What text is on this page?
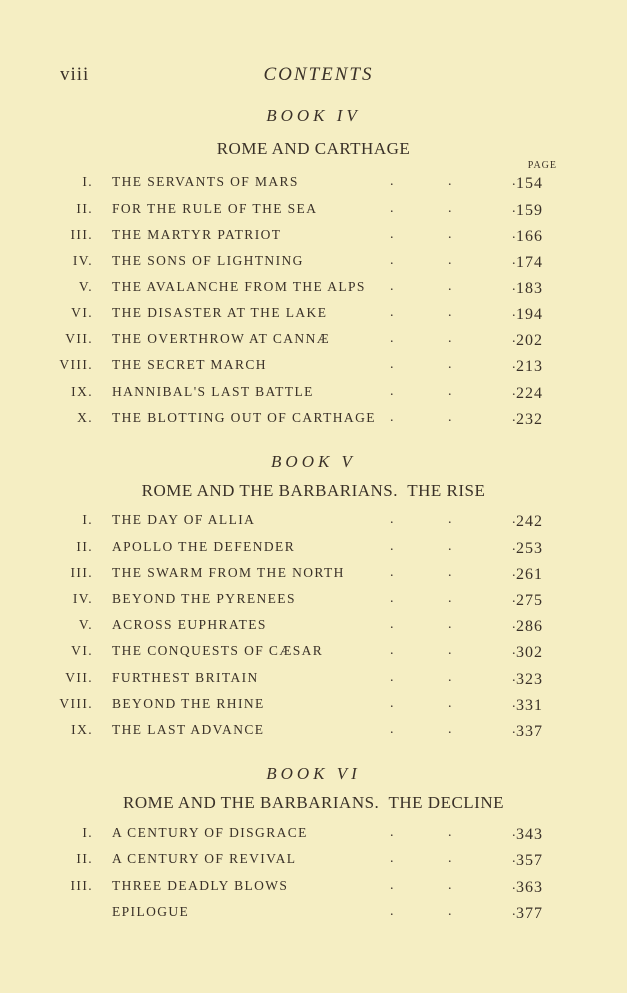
viii	CONTENTS
PAGE
BOOK IV
ROME AND CARTHAGE
I. THE SERVANTS OF MARS	.	.	. 154
II. FOR THE RULE OF THE SEA	.	.	. 159
III. THE MARTYR PATRIOT	.	.	. 166
IV. THE SONS OF LIGHTNING	.	.	. 174
V. THE AVALANCHE FROM THE ALPS .	.	. 183
VI. THE DISASTER AT THE LAKE	.	.	. 194
VII. THE OVERTHROW AT CANNÆ	.	.	. 202
VIII. THE SECRET MARCH	.	.	. 213
IX. HANNIBAL'S LAST BATTLE	.	.	. 224
X. THE BLOTTING OUT OF CARTHAGE .	.	. 232
BOOK V
ROME AND THE BARBARIANS.  THE RISE
I. THE DAY OF ALLIA	.	.	. 242
II. APOLLO THE DEFENDER	.	.	. 253
III. THE SWARM FROM THE NORTH	.	.	. 261
IV. BEYOND THE PYRENEES	.	.	. 275
V. ACROSS EUPHRATES	.	.	. 286
VI. THE CONQUESTS OF CÆSAR	.	.	. 302
VII. FURTHEST BRITAIN	.	.	. 323
VIII. BEYOND THE RHINE	.	.	. 331
IX. THE LAST ADVANCE	.	.	. 337
BOOK VI
ROME AND THE BARBARIANS.  THE DECLINE
I. A CENTURY OF DISGRACE	.	.	. 343
II. A CENTURY OF REVIVAL	.	.	. 357
III. THREE DEADLY BLOWS	.	.	. 363
EPILOGUE	.	.	. 377
